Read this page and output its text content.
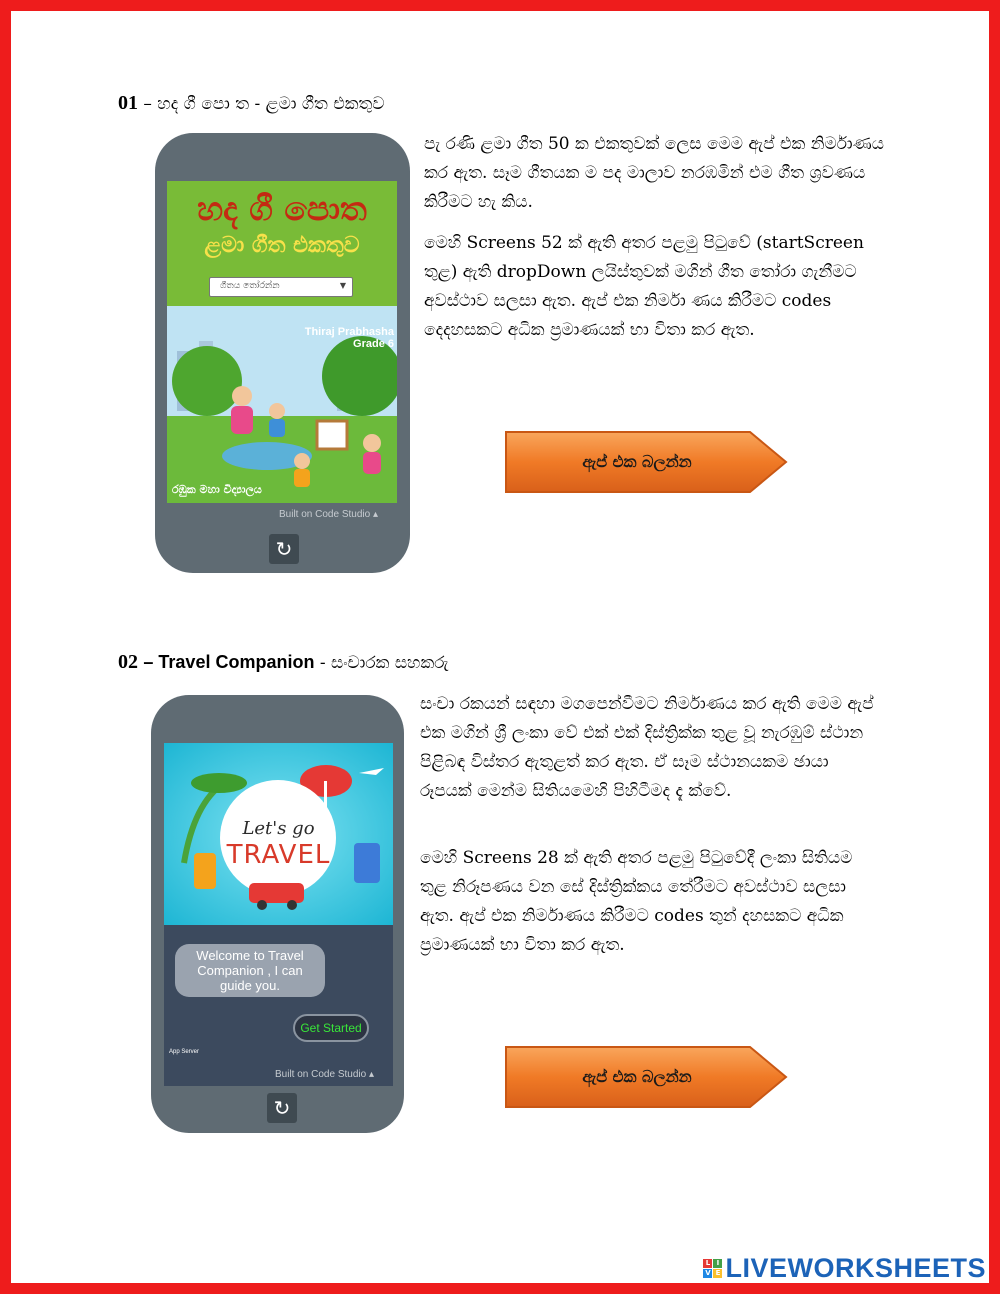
01 – හද ගී පො ත - ළමා ගීත එකතුව
හද ගී පොත
ළමා ගීත එකතුව
ගීතය තෝරන්න	▼
Thiraj Prabhasha
Grade 6
රඹුක මහා විද්‍යාලය
Built on Code Studio ▴
↻

පැ රණි ළමා ගීත 50 ක එකතුවක් ලෙස මෙම ඇප් එක නිර්මාණය කර ඇත. සෑම ගීතයක ම පද මාලාව නරඹමින් එම ගීත ශ්‍රවණය කිරීමට හැ කිය.

මෙහි Screens 52 ක් ඇති අතර පළමු පිටුවේ (startScreen තුළ) ඇති dropDown ලයිස්තුවක් මගින් ගීත තෝරා ගැනීමට අවස්ථාව සලසා ඇත. ඇප් එක නිර්මා ණය කිරීමට codes දෙදහසකට අධික ප්‍රමාණයක් භා විතා කර ඇත.

ඇප් එක බලන්න
02 – Travel Companion - සංචාරක සහකරු
Let's go
TRAVEL
Welcome to Travel Companion , I can guide you.
Get Started
App Server
Built on Code Studio ▴
↻

සංචා රකයන් සඳහා මගපෙන්වීමට නිර්මාණය කර ඇති මෙම ඇප් එක මගින් ශ්‍රී ලංකා වේ එක් එක් දිස්ත්‍රික්ක තුළ වූ නැරඹුම් ස්ථාන පිළිබඳ විස්තර ඇතුළත් කර ඇත. ඒ සෑම ස්ථානයකම ඡායා රූපයක් මෙන්ම සිතියමෙහි පිහිටීමද දැ ක්වේ.

මෙහි Screens 28 ක් ඇති අතර පළමු පිටුවේදී ලංකා සිතියම තුළ නිරූපණය වන සේ දිස්ත්‍රික්කය තේරීමට අවස්ථාව සලසා ඇත. ඇප් එක නිර්මාණය කිරීමට codes තුන් දහසකට අධික ප්‍රමාණයක් භා විතා කර ඇත.

ඇප් එක බලන්න
L I
V E LIVEWORKSHEETS
